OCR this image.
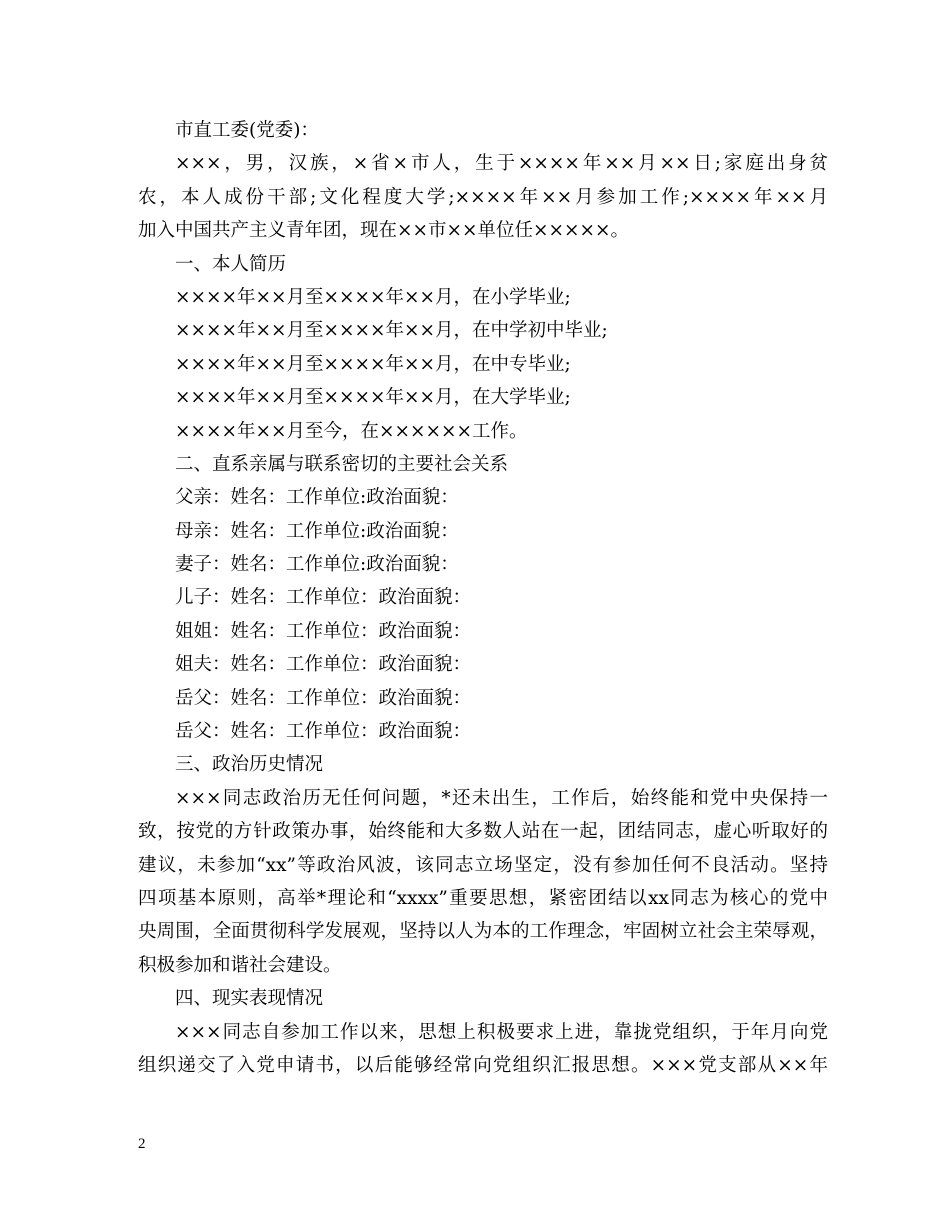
市直工委(党委)：
×××，男，汉族，×省×市人，生于××××年××月××日;家庭出身贫
农，本人成份干部;文化程度大学;××××年××月参加工作;××××年××月
加入中国共产主义青年团，现在××市××单位任×××××。
一、本人简历
××××年××月至××××年××月，在小学毕业;
××××年××月至××××年××月，在中学初中毕业;
××××年××月至××××年××月，在中专毕业;
××××年××月至××××年××月，在大学毕业;
××××年××月至今，在××××××工作。
二、直系亲属与联系密切的主要社会关系
父亲：姓名：工作单位:政治面貌：
母亲：姓名：工作单位:政治面貌：
妻子：姓名：工作单位:政治面貌：
儿子：姓名：工作单位：政治面貌：
姐姐：姓名：工作单位：政治面貌：
姐夫：姓名：工作单位：政治面貌：
岳父：姓名：工作单位：政治面貌：
岳父：姓名：工作单位：政治面貌：
三、政治历史情况
×××同志政治历无任何问题，*还未出生，工作后，始终能和党中央保持一
致，按党的方针政策办事，始终能和大多数人站在一起，团结同志，虚心听取好的
建议，未参加“xx”等政治风波，该同志立场坚定，没有参加任何不良活动。坚持
四项基本原则，高举*理论和“xxxx”重要思想，紧密团结以xx同志为核心的党中
央周围，全面贯彻科学发展观，坚持以人为本的工作理念，牢固树立社会主荣辱观，
积极参加和谐社会建设。
四、现实表现情况
×××同志自参加工作以来，思想上积极要求上进，靠拢党组织，于年月向党
组织递交了入党申请书，以后能够经常向党组织汇报思想。×××党支部从××年
2
